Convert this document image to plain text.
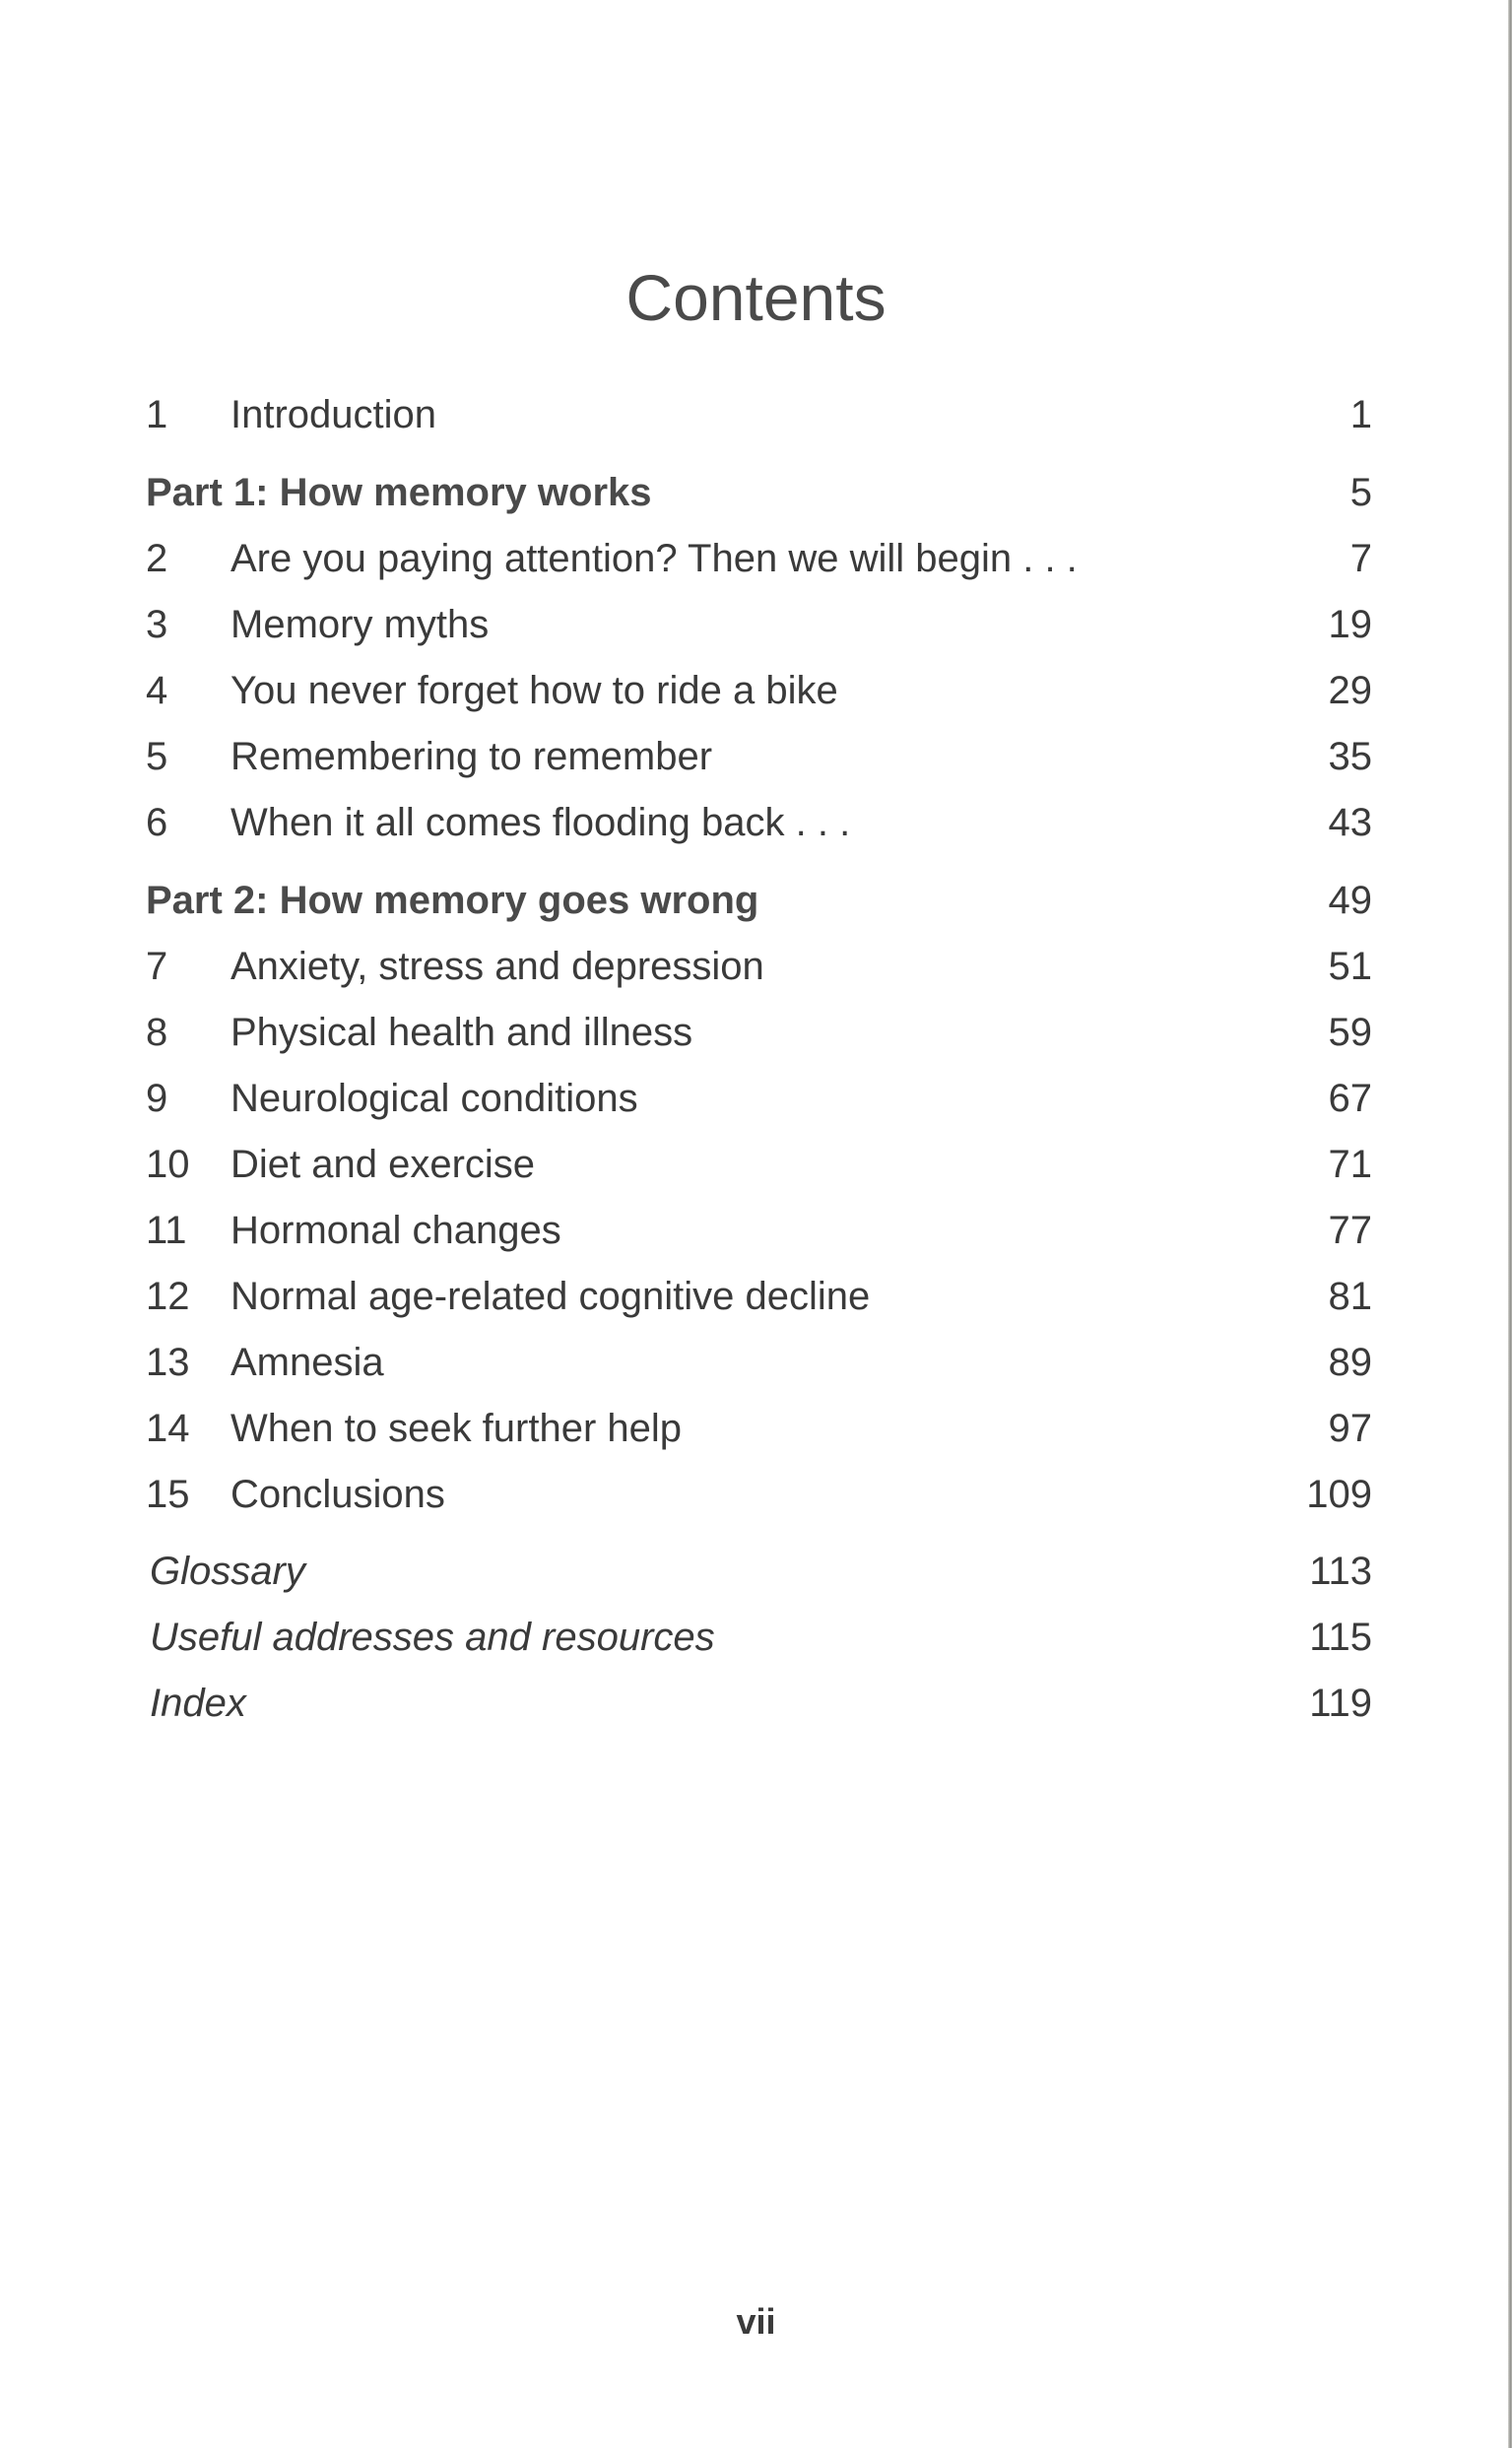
Contents
1 Introduction	1
Part 1: How memory works	5
2 Are you paying attention? Then we will begin . . .	7
3 Memory myths	19
4 You never forget how to ride a bike	29
5 Remembering to remember	35
6 When it all comes flooding back . . .	43
Part 2: How memory goes wrong	49
7 Anxiety, stress and depression	51
8 Physical health and illness	59
9 Neurological conditions	67
10 Diet and exercise	71
11 Hormonal changes	77
12 Normal age-related cognitive decline	81
13 Amnesia	89
14 When to seek further help	97
15 Conclusions	109
Glossary	113
Useful addresses and resources	115
Index	119
vii
